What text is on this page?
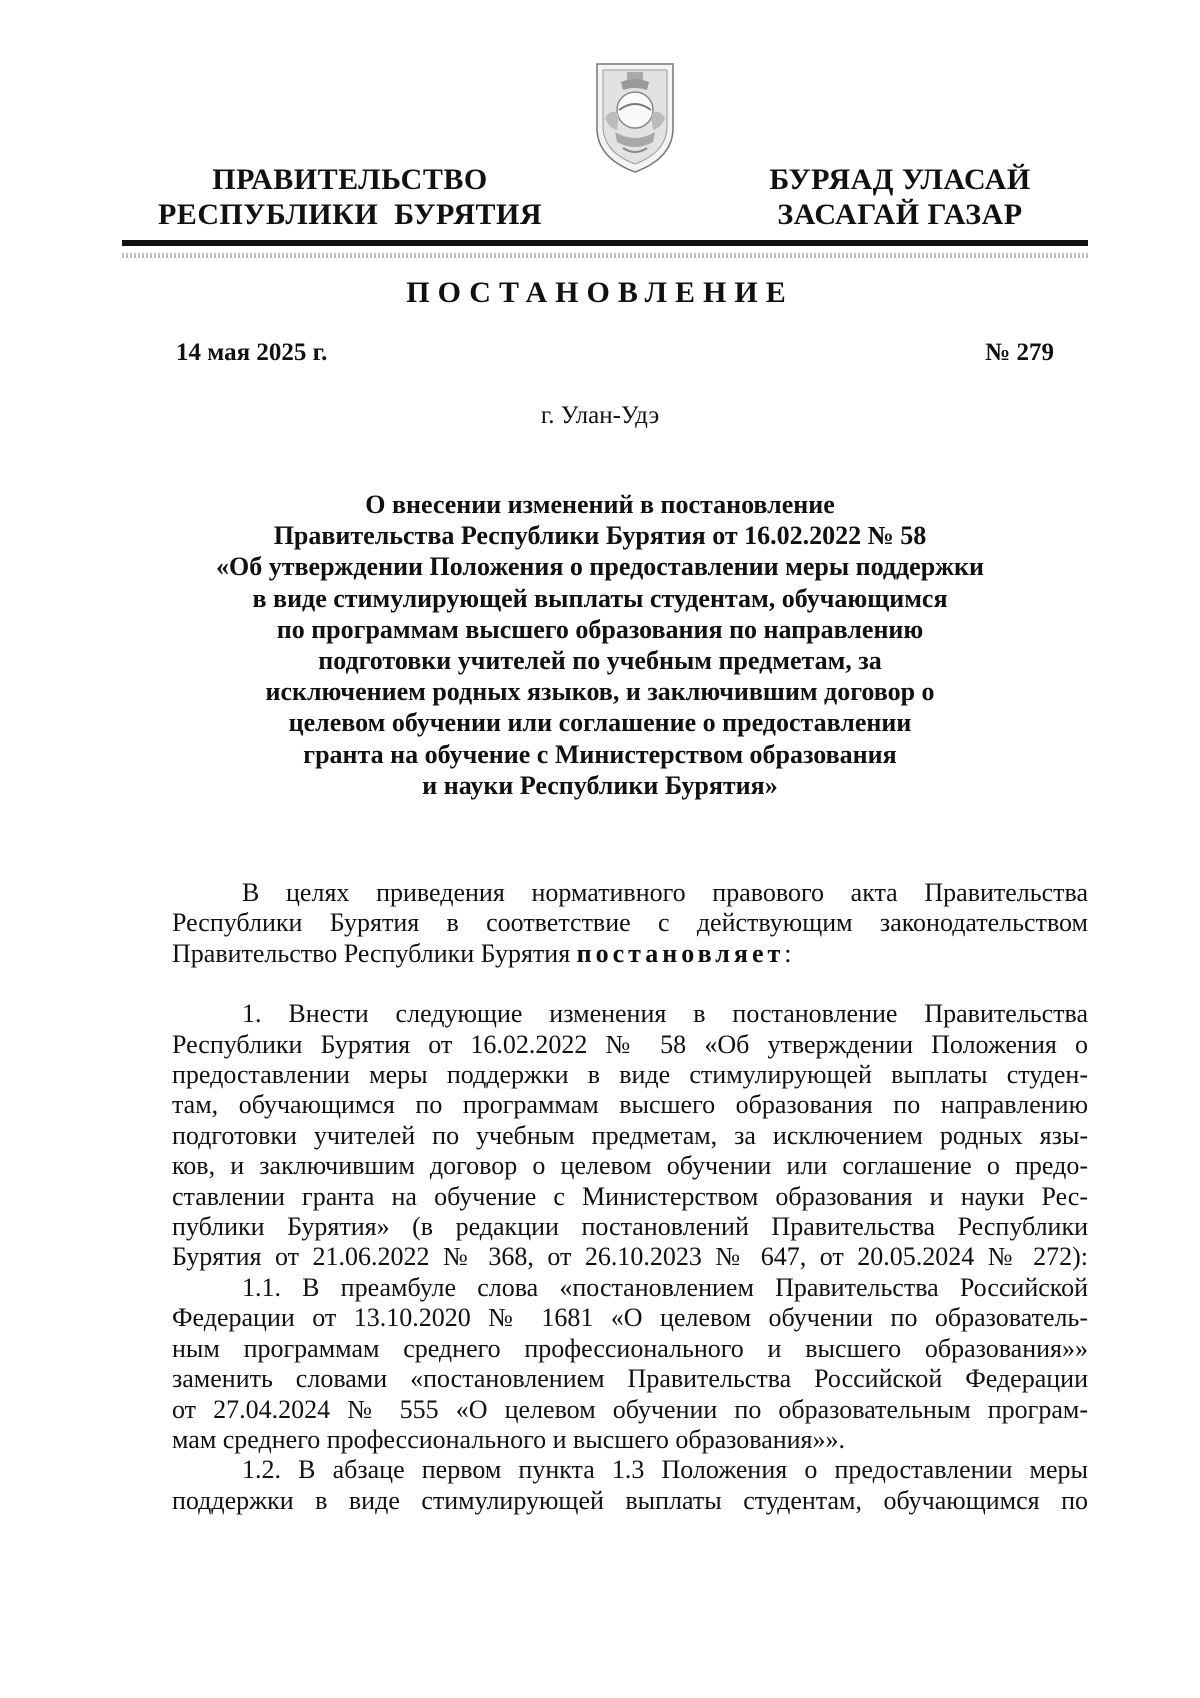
ПРАВИТЕЛЬСТВО
РЕСПУБЛИКИ  БУРЯТИЯ
БУРЯАД УЛАСАЙ
ЗАСАГАЙ ГАЗАР
ПОСТАНОВЛЕНИЕ
14 мая 2025 г.	№ 279
г. Улан-Удэ
О внесении изменений в постановление
Правительства Республики Бурятия от 16.02.2022 № 58
«Об утверждении Положения о предоставлении меры поддержки
в виде стимулирующей выплаты студентам, обучающимся
по программам высшего образования по направлению
подготовки учителей по учебным предметам, за
исключением родных языков, и заключившим договор о
целевом обучении или соглашение о предоставлении
гранта на обучение с Министерством образования
и науки Республики Бурятия»

В целях приведения нормативного правового акта Правительства
Республики Бурятия в соответствие с действующим законодательством
Правительство Республики Бурятия постановляет:

1. Внести следующие изменения в постановление Правительства
Республики Бурятия от 16.02.2022 № 58 «Об утверждении Положения о
предоставлении меры поддержки в виде стимулирующей выплаты студен-
там, обучающимся по программам высшего образования по направлению
подготовки учителей по учебным предметам, за исключением родных язы-
ков, и заключившим договор о целевом обучении или соглашение о предо-
ставлении гранта на обучение с Министерством образования и науки Рес-
публики Бурятия» (в редакции постановлений Правительства Республики
Бурятия от 21.06.2022 № 368, от 26.10.2023 № 647, от 20.05.2024 № 272):

1.1. В преамбуле слова «постановлением Правительства Российской
Федерации от 13.10.2020 № 1681 «О целевом обучении по образователь-
ным программам среднего профессионального и высшего образования»»
заменить словами «постановлением Правительства Российской Федерации
от 27.04.2024 № 555 «О целевом обучении по образовательным програм-
мам среднего профессионального и высшего образования»».

1.2. В абзаце первом пункта 1.3 Положения о предоставлении меры
поддержки в виде стимулирующей выплаты студентам, обучающимся по
